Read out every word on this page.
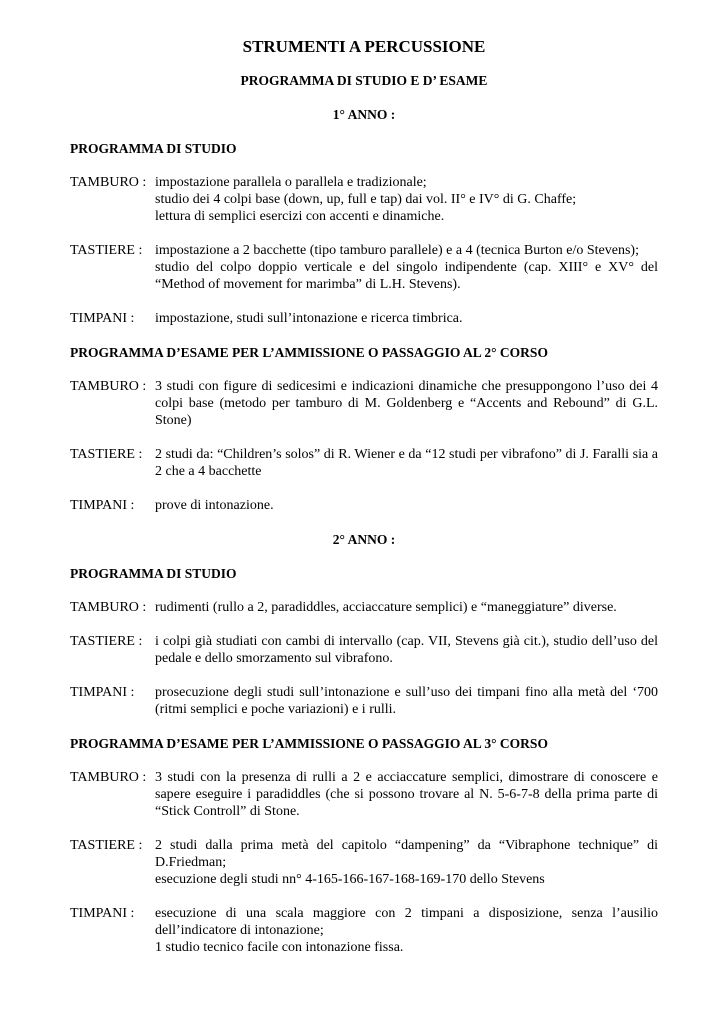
STRUMENTI A PERCUSSIONE
PROGRAMMA DI STUDIO E D’ ESAME
1° ANNO :
PROGRAMMA DI STUDIO
TAMBURO : impostazione parallela o parallela e tradizionale;
studio dei 4 colpi base (down, up, full e tap) dai vol. II° e IV° di G. Chaffe;
lettura di semplici esercizi con accenti e dinamiche.
TASTIERE : impostazione a 2 bacchette (tipo tamburo parallele) e a 4 (tecnica Burton e/o Stevens);
studio del colpo doppio verticale e del singolo indipendente (cap. XIII° e XV° del “Method of movement for marimba” di L.H. Stevens).
TIMPANI :	impostazione, studi sull’intonazione e ricerca timbrica.
PROGRAMMA D’ESAME PER L’AMMISSIONE O PASSAGGIO AL 2° CORSO
TAMBURO : 3 studi con figure di sedicesimi e indicazioni dinamiche che presuppongono l’uso dei 4 colpi base (metodo per tamburo di M. Goldenberg e “Accents and Rebound” di G.L. Stone)
TASTIERE : 2 studi da: “Children’s solos” di R. Wiener e da “12 studi per vibrafono” di J. Faralli sia a 2 che a 4 bacchette
TIMPANI :	prove di intonazione.
2° ANNO :
PROGRAMMA DI STUDIO
TAMBURO : rudimenti (rullo a 2, paradiddles, acciaccature semplici) e “maneggiature” diverse.
TASTIERE : i colpi già studiati con cambi di intervallo (cap. VII, Stevens già cit.), studio dell’uso del pedale e dello smorzamento sul vibrafono.
TIMPANI :	prosecuzione degli studi sull’intonazione e sull’uso dei timpani fino alla metà del ‘700 (ritmi semplici e poche variazioni) e i rulli.
PROGRAMMA D’ESAME PER L’AMMISSIONE O PASSAGGIO AL 3° CORSO
TAMBURO : 3 studi con la presenza di rulli a 2 e acciaccature semplici, dimostrare di conoscere e sapere eseguire i paradiddles (che si possono trovare al N. 5-6-7-8 della prima parte di “Stick Controll” di Stone.
TASTIERE : 2 studi dalla prima metà del capitolo “dampening” da “Vibraphone technique” di D.Friedman;
esecuzione degli studi nn° 4-165-166-167-168-169-170 dello Stevens
TIMPANI :	esecuzione di una scala maggiore con 2 timpani a disposizione, senza l’ausilio dell’indicatore di intonazione;
1 studio tecnico facile con intonazione fissa.
